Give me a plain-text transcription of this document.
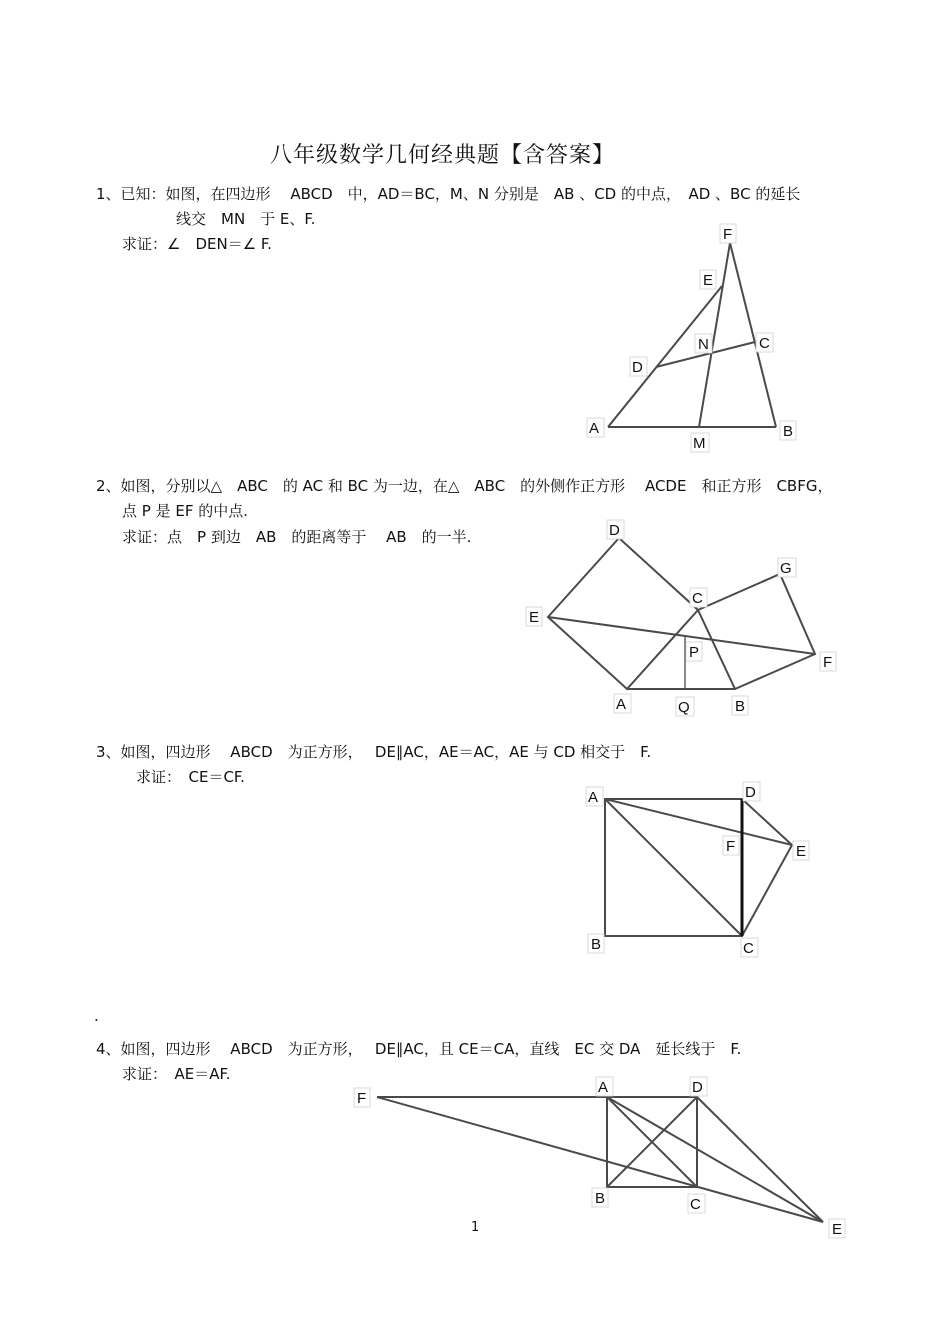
八年级数学几何经典题【含答案】
1、已知：如图，在四边形　 ABCD　中，AD＝BC，M、N 分别是　AB 、CD 的中点，　AD 、BC 的延长
线交　MN　于 E、F.
求证：∠　DEN＝∠ F.
F
E
N	C
D
A
M
B
2、如图，分别以△　ABC　的 AC 和 BC 为一边，在△　ABC　的外侧作正方形　 ACDE　和正方形　CBFG，
点 P 是 EF 的中点.
求证：点　P 到边　AB　的距离等于　 AB　的一半.	D
G
C
E
P
F
A	Q	B
3、如图，四边形　 ABCD　为正方形，　 DE∥AC，AE＝AC，AE 与 CD 相交于　F.
求证：　CE＝CF.
A	D
F	E
B	C
.
4、如图，四边形　 ABCD　为正方形，　 DE∥AC，且 CE＝CA，直线　EC 交 DA　延长线于　F.
求证：　AE＝AF.
F
A	D
B	C
E
1
